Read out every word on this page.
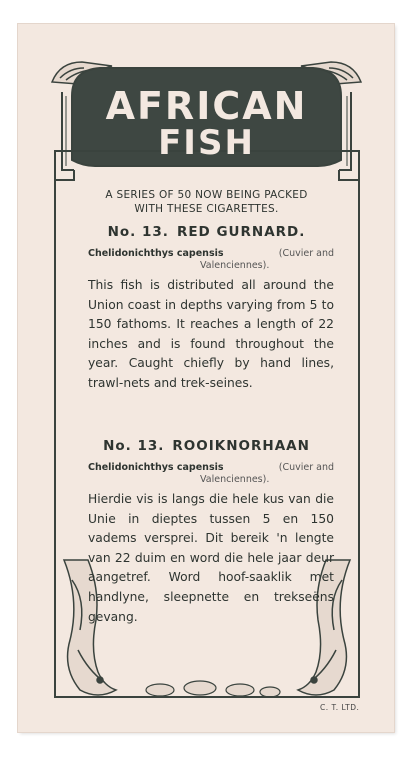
AFRICAN
FISH
A SERIES OF 50 NOW BEING PACKED
WITH THESE CIGARETTES.
No. 13. RED GURNARD.
Chelidonichthys capensis	(Cuvier and
Valenciennes).
This fish is distributed all around the Union coast in depths varying from 5 to 150 fathoms. It reaches a length of 22 inches and is found throughout the year. Caught chiefly by hand lines, trawl-nets and trek-seines.
No. 13. ROOIKNORHAAN
Chelidonichthys capensis	(Cuvier and
Valenciennes).
Hierdie vis is langs die hele kus van die Unie in dieptes tussen 5 en 150 vadems versprei. Dit bereik 'n lengte van 22 duim en word die hele jaar deur aangetref. Word hoof-saaklik met handlyne, sleepnette en trekseëns gevang.
C. T. LTD.
